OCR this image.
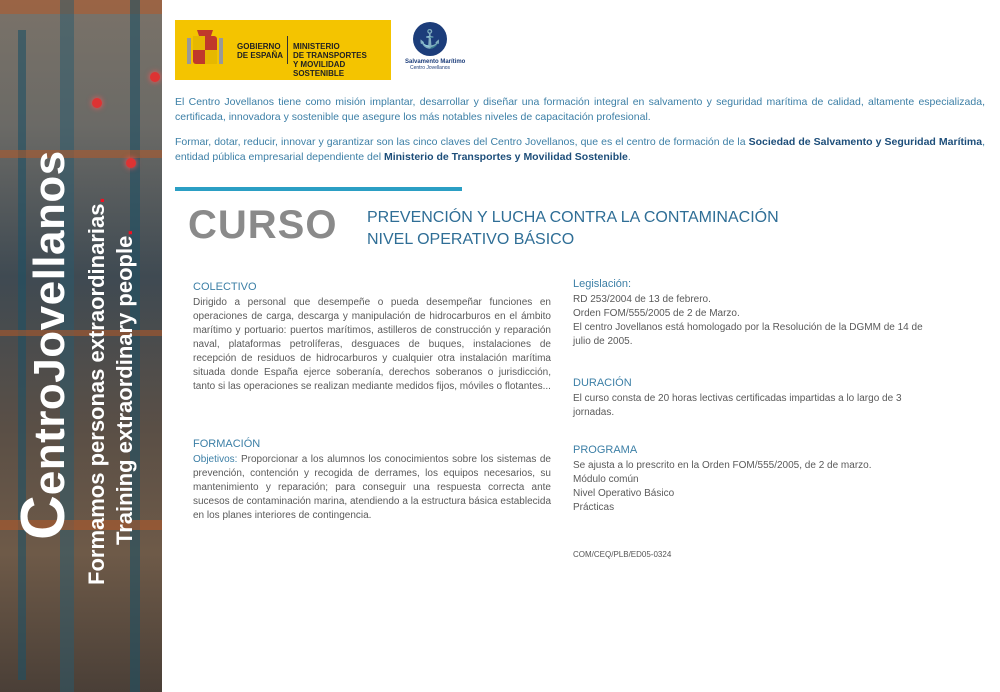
CentroJovellanos Formamos personas extraordinarias.
Training extraordinary people.
GOBIERNO
DE ESPAÑA
MINISTERIO
DE TRANSPORTES
Y MOVILIDAD SOSTENIBLE
⚓
Salvamento Marítimo
Centro Jovellanos
El Centro Jovellanos tiene como misión implantar, desarrollar y diseñar una formación integral en salvamento y seguridad marítima de calidad, altamente especializada, certificada, innovadora y sostenible que asegure los más notables niveles de capacitación profesional.
Formar, dotar, reducir, innovar y garantizar son las cinco claves del Centro Jovellanos, que es el centro de formación de la Sociedad de Salvamento y Seguridad Marítima, entidad pública empresarial dependiente del Ministerio de Transportes y Movilidad Sostenible.
CURSO PREVENCIÓN Y LUCHA CONTRA LA CONTAMINACIÓN
NIVEL OPERATIVO BÁSICO
COLECTIVO
Dirigido a personal que desempeñe o pueda desempeñar funciones en operaciones de carga, descarga y manipulación de hidrocarburos en el ámbito marítimo y portuario: puertos marítimos, astilleros de construcción y reparación naval, plataformas petrolíferas, desguaces de buques, instalaciones de recepción de residuos de hidrocarburos y cualquier otra instalación marítima situada donde España ejerce soberanía, derechos soberanos o jurisdicción, tanto si las operaciones se realizan mediante medidos fijos, móviles o flotantes...
FORMACIÓN
Objetivos: Proporcionar a los alumnos los conocimientos sobre los sistemas de prevención, contención y recogida de derrames, los equipos necesarios, su mantenimiento y reparación; para conseguir una respuesta correcta ante sucesos de contaminación marina, atendiendo a la estructura básica establecida en los planes interiores de contingencia.
Legislación:
RD 253/2004 de 13 de febrero.
Orden FOM/555/2005 de 2 de Marzo.
El centro Jovellanos está homologado por la Resolución de la DGMM de 14 de julio de 2005.
DURACIÓN
El curso consta de 20 horas lectivas certificadas impartidas a lo largo de 3 jornadas.
PROGRAMA
Se ajusta a lo prescrito en la Orden FOM/555/2005, de 2 de marzo.
Módulo común
Nivel Operativo Básico
Prácticas
COM/CEQ/PLB/ED05-0324
